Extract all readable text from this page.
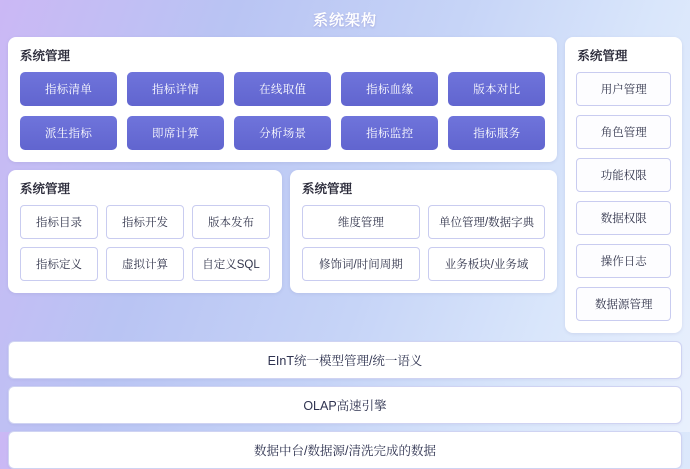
系统架构
系统管理
指标清单	指标详情	在线取值	指标血缘	版本对比
派生指标	即席计算	分析场景	指标监控	指标服务
系统管理
指标目录	指标开发	版本发布
指标定义	虚拟计算	自定义SQL
系统管理
维度管理	单位管理/数据字典
修饰词/时间周期	业务板块/业务域
系统管理
用户管理
角色管理
功能权限
数据权限
操作日志
数据源管理
EInT统一模型管理/统一语义
OLAP高速引擎
数据中台/数据源/清洗完成的数据
